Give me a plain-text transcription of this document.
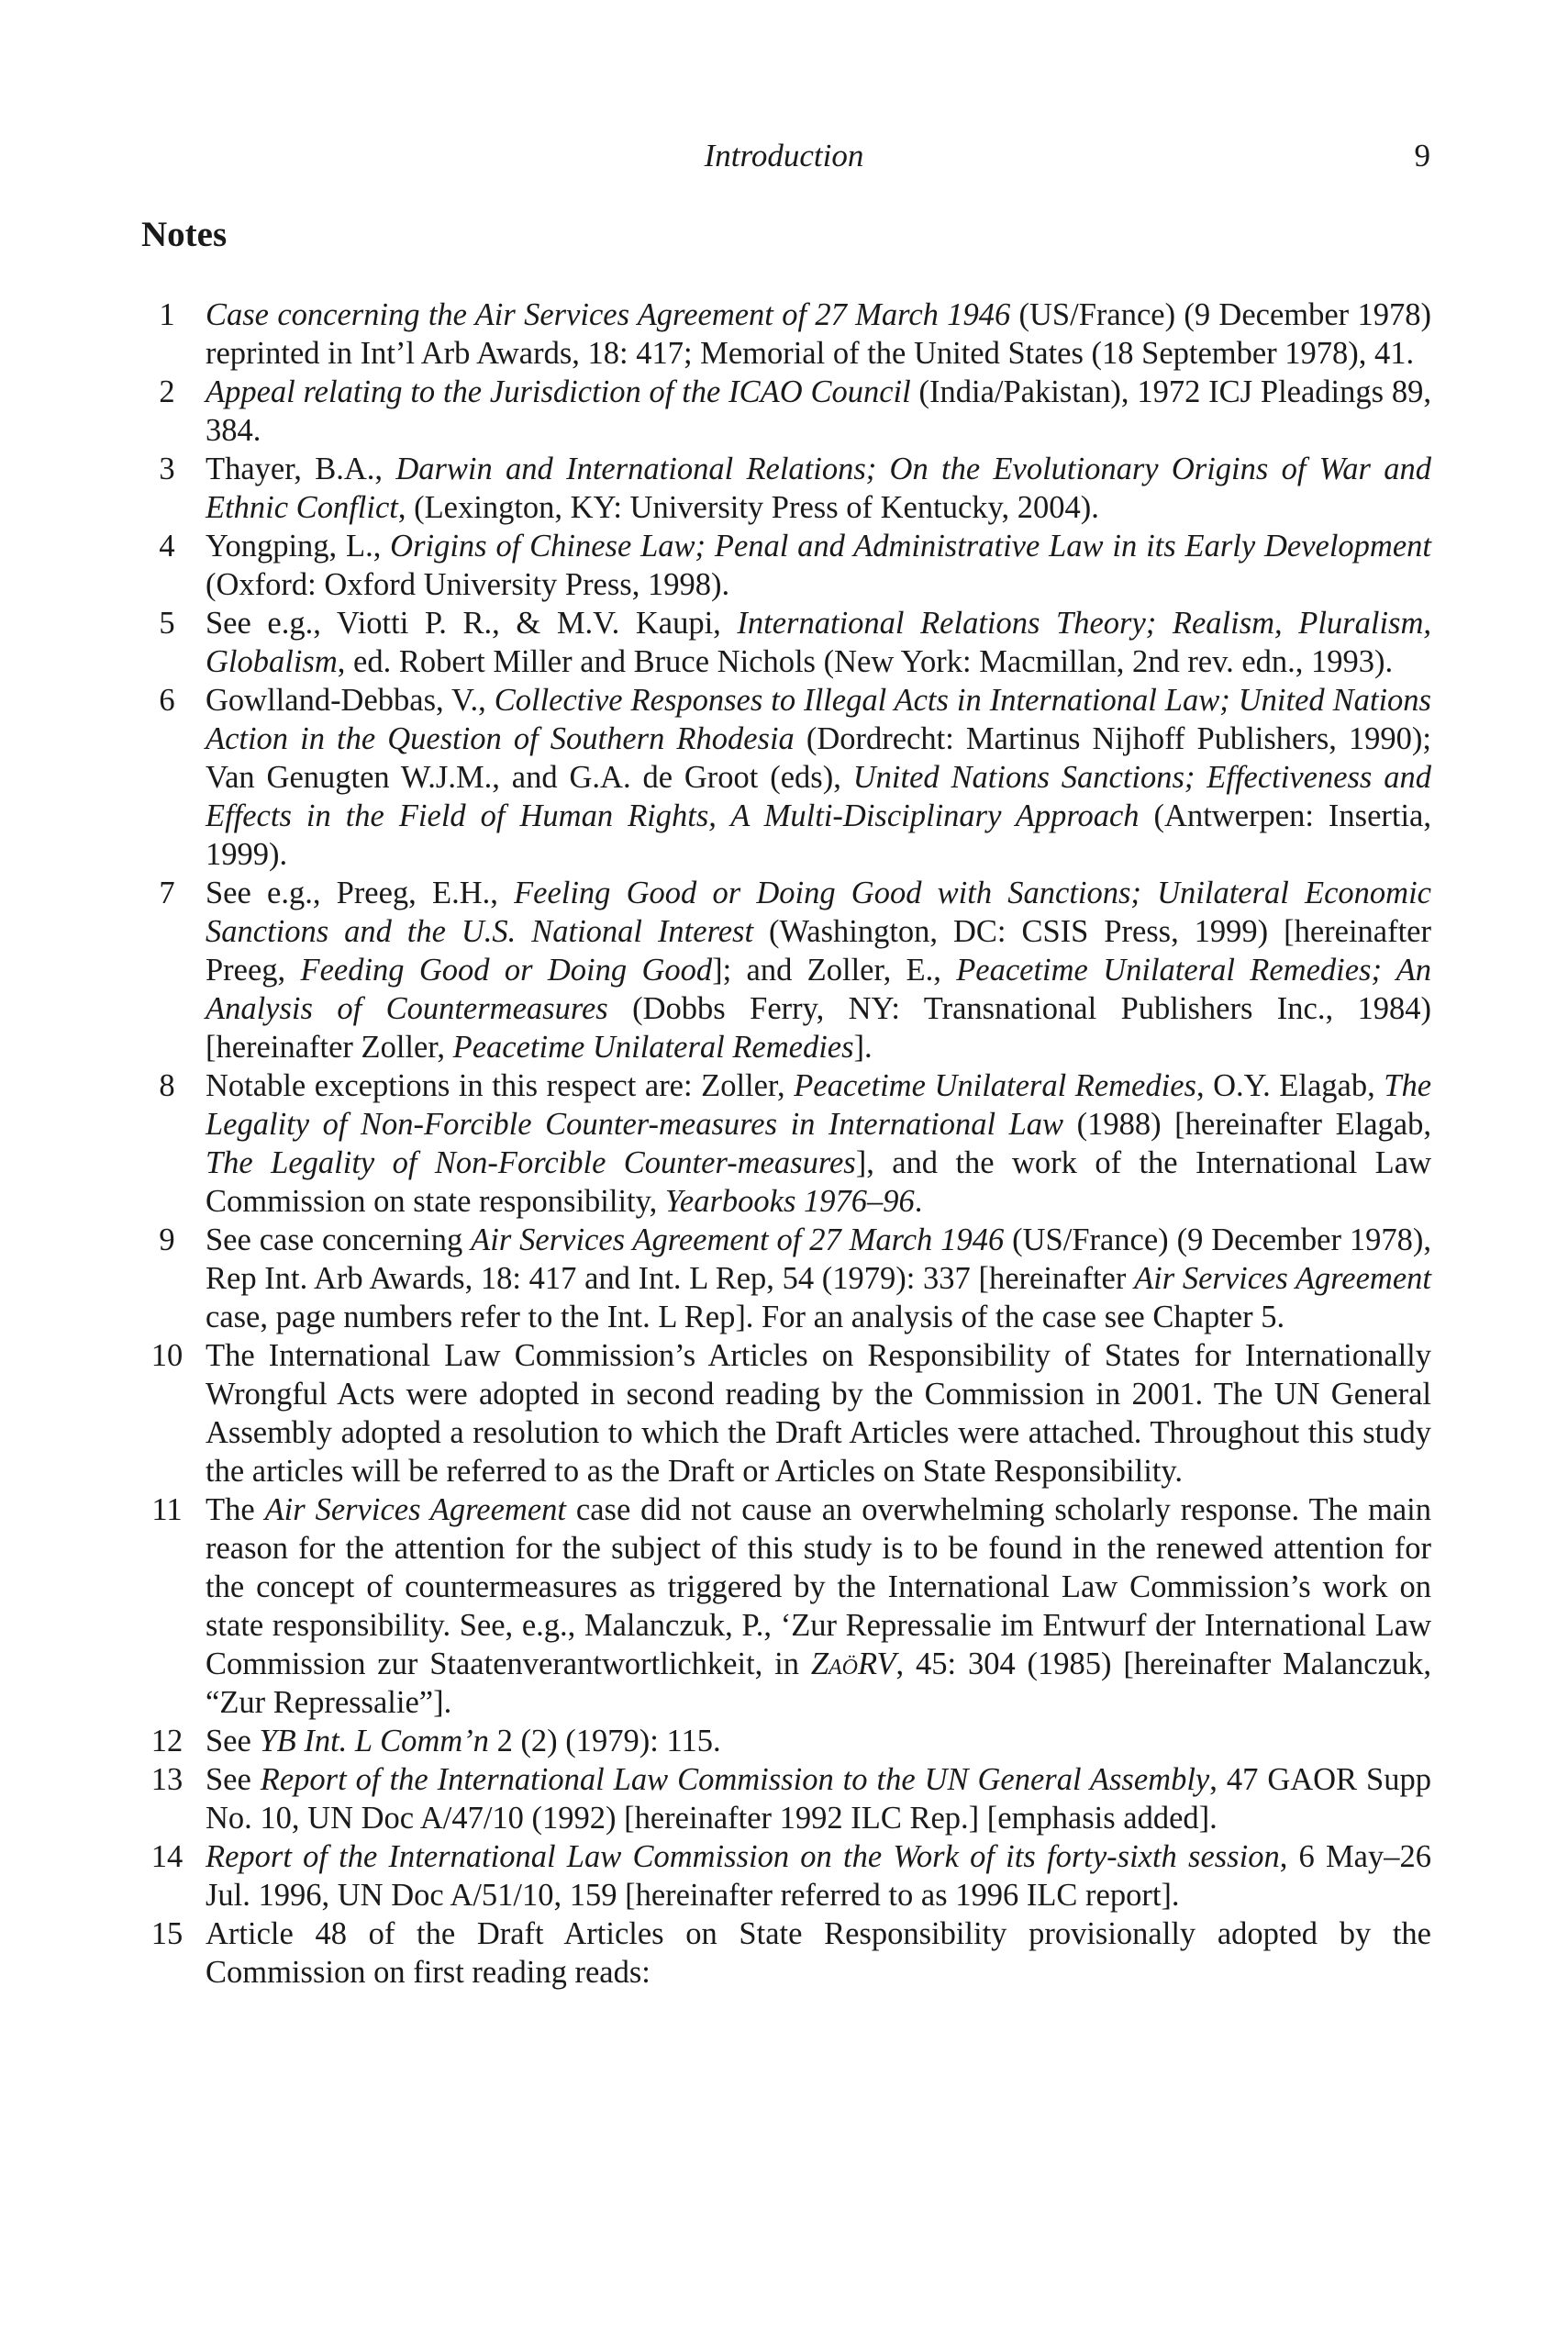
Introduction	9
Notes
1 Case concerning the Air Services Agreement of 27 March 1946 (US/France) (9 December 1978) reprinted in Int’l Arb Awards, 18: 417; Memorial of the United States (18 September 1978), 41.
2 Appeal relating to the Jurisdiction of the ICAO Council (India/Pakistan), 1972 ICJ Pleadings 89, 384.
3 Thayer, B.A., Darwin and International Relations; On the Evolutionary Origins of War and Ethnic Conflict, (Lexington, KY: University Press of Kentucky, 2004).
4 Yongping, L., Origins of Chinese Law; Penal and Administrative Law in its Early Development (Oxford: Oxford University Press, 1998).
5 See e.g., Viotti P. R., & M.V. Kaupi, International Relations Theory; Realism, Pluralism, Globalism, ed. Robert Miller and Bruce Nichols (New York: Macmillan, 2nd rev. edn., 1993).
6 Gowlland-Debbas, V., Collective Responses to Illegal Acts in International Law; United Nations Action in the Question of Southern Rhodesia (Dordrecht: Martinus Nijhoff Publishers, 1990); Van Genugten W.J.M., and G.A. de Groot (eds), United Nations Sanctions; Effectiveness and Effects in the Field of Human Rights, A Multi-Disciplinary Approach (Antwerpen: Insertia, 1999).
7 See e.g., Preeg, E.H., Feeling Good or Doing Good with Sanctions; Unilateral Economic Sanctions and the U.S. National Interest (Washington, DC: CSIS Press, 1999) [hereinafter Preeg, Feeding Good or Doing Good]; and Zoller, E., Peacetime Unilateral Remedies; An Analysis of Countermeasures (Dobbs Ferry, NY: Transnational Publishers Inc., 1984) [hereinafter Zoller, Peacetime Unilateral Remedies].
8 Notable exceptions in this respect are: Zoller, Peacetime Unilateral Remedies, O.Y. Elagab, The Legality of Non-Forcible Counter-measures in International Law (1988) [hereinafter Elagab, The Legality of Non-Forcible Counter-measures], and the work of the International Law Commission on state responsibility, Yearbooks 1976–96.
9 See case concerning Air Services Agreement of 27 March 1946 (US/France) (9 December 1978), Rep Int. Arb Awards, 18: 417 and Int. L Rep, 54 (1979): 337 [hereinafter Air Services Agreement case, page numbers refer to the Int. L Rep]. For an analysis of the case see Chapter 5.
10 The International Law Commission’s Articles on Responsibility of States for Internationally Wrongful Acts were adopted in second reading by the Commission in 2001. The UN General Assembly adopted a resolution to which the Draft Articles were attached. Throughout this study the articles will be referred to as the Draft or Articles on State Responsibility.
11 The Air Services Agreement case did not cause an overwhelming scholarly response. The main reason for the attention for the subject of this study is to be found in the renewed attention for the concept of countermeasures as triggered by the International Law Commission’s work on state responsibility. See, e.g., Malanczuk, P., ‘Zur Repressalie im Entwurf der International Law Commission zur Staatenverantwortlichkeit, in ZaöRV, 45: 304 (1985) [hereinafter Malanczuk, “Zur Repressalie”].
12 See YB Int. L Comm’n 2 (2) (1979): 115.
13 See Report of the International Law Commission to the UN General Assembly, 47 GAOR Supp No. 10, UN Doc A/47/10 (1992) [hereinafter 1992 ILC Rep.] [emphasis added].
14 Report of the International Law Commission on the Work of its forty-sixth session, 6 May–26 Jul. 1996, UN Doc A/51/10, 159 [hereinafter referred to as 1996 ILC report].
15 Article 48 of the Draft Articles on State Responsibility provisionally adopted by the Commission on first reading reads:
